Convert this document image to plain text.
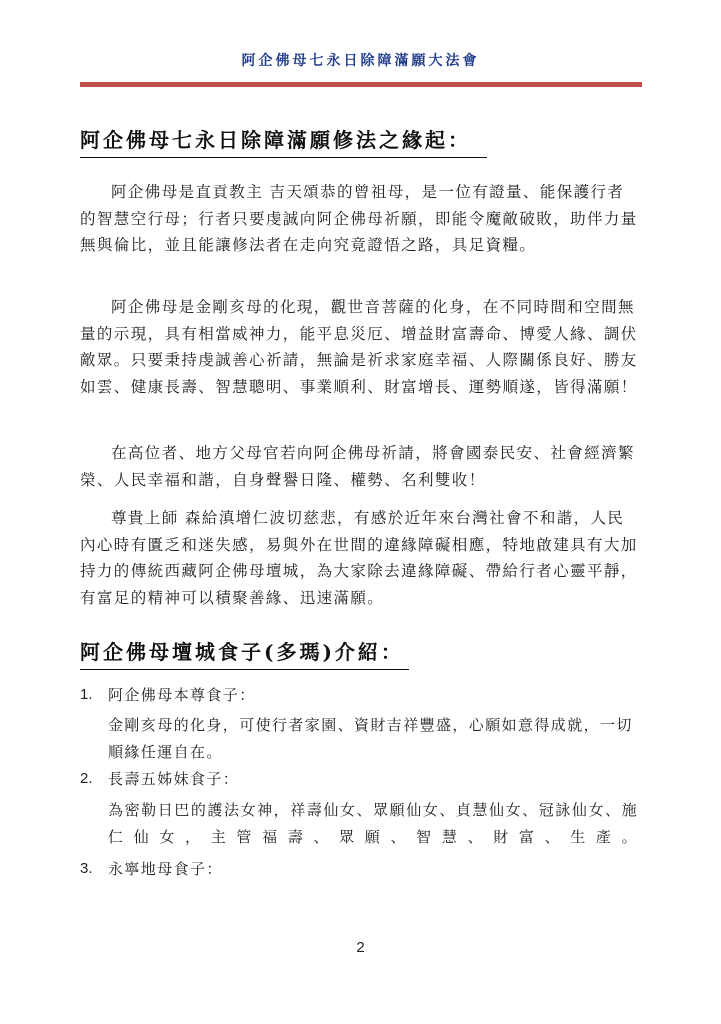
阿企佛母七永日除障滿願大法會
阿企佛母七永日除障滿願修法之緣起：

阿企佛母是直貢教主 吉天頌恭的曾祖母，是一位有證量、能保護行者的智慧空行母；行者只要虔誠向阿企佛母祈願，即能令魔敵破敗，助伴力量無與倫比，並且能讓修法者在走向究竟證悟之路，具足資糧。

阿企佛母是金剛亥母的化現，觀世音菩薩的化身，在不同時間和空間無量的示現，具有相當威神力，能平息災厄、增益財富壽命、博愛人緣、調伏敵眾。只要秉持虔誠善心祈請，無論是祈求家庭幸福、人際關係良好、勝友如雲、健康長壽、智慧聰明、事業順利、財富增長、運勢順遂，皆得滿願！

在高位者、地方父母官若向阿企佛母祈請，將會國泰民安、社會經濟繁榮、人民幸福和諧，自身聲譽日隆、權勢、名利雙收！

尊貴上師 森給滇增仁波切慈悲，有感於近年來台灣社會不和諧，人民內心時有匱乏和迷失感，易與外在世間的違緣障礙相應，特地啟建具有大加持力的傳統西藏阿企佛母壇城，為大家除去違緣障礙、帶給行者心靈平靜，有富足的精神可以積聚善緣、迅速滿願。

阿企佛母壇城食子(多瑪)介紹：
1. 阿企佛母本尊食子：

金剛亥母的化身，可使行者家園、資財吉祥豐盛，心願如意得成就，一切順緣任運自在。

2. 長壽五姊妹食子：

為密勒日巴的護法女神，祥壽仙女、眾願仙女、貞慧仙女、冠詠仙女、施仁仙女，主管福壽、眾願、智慧、財富、生產。

3. 永寧地母食子：
2
